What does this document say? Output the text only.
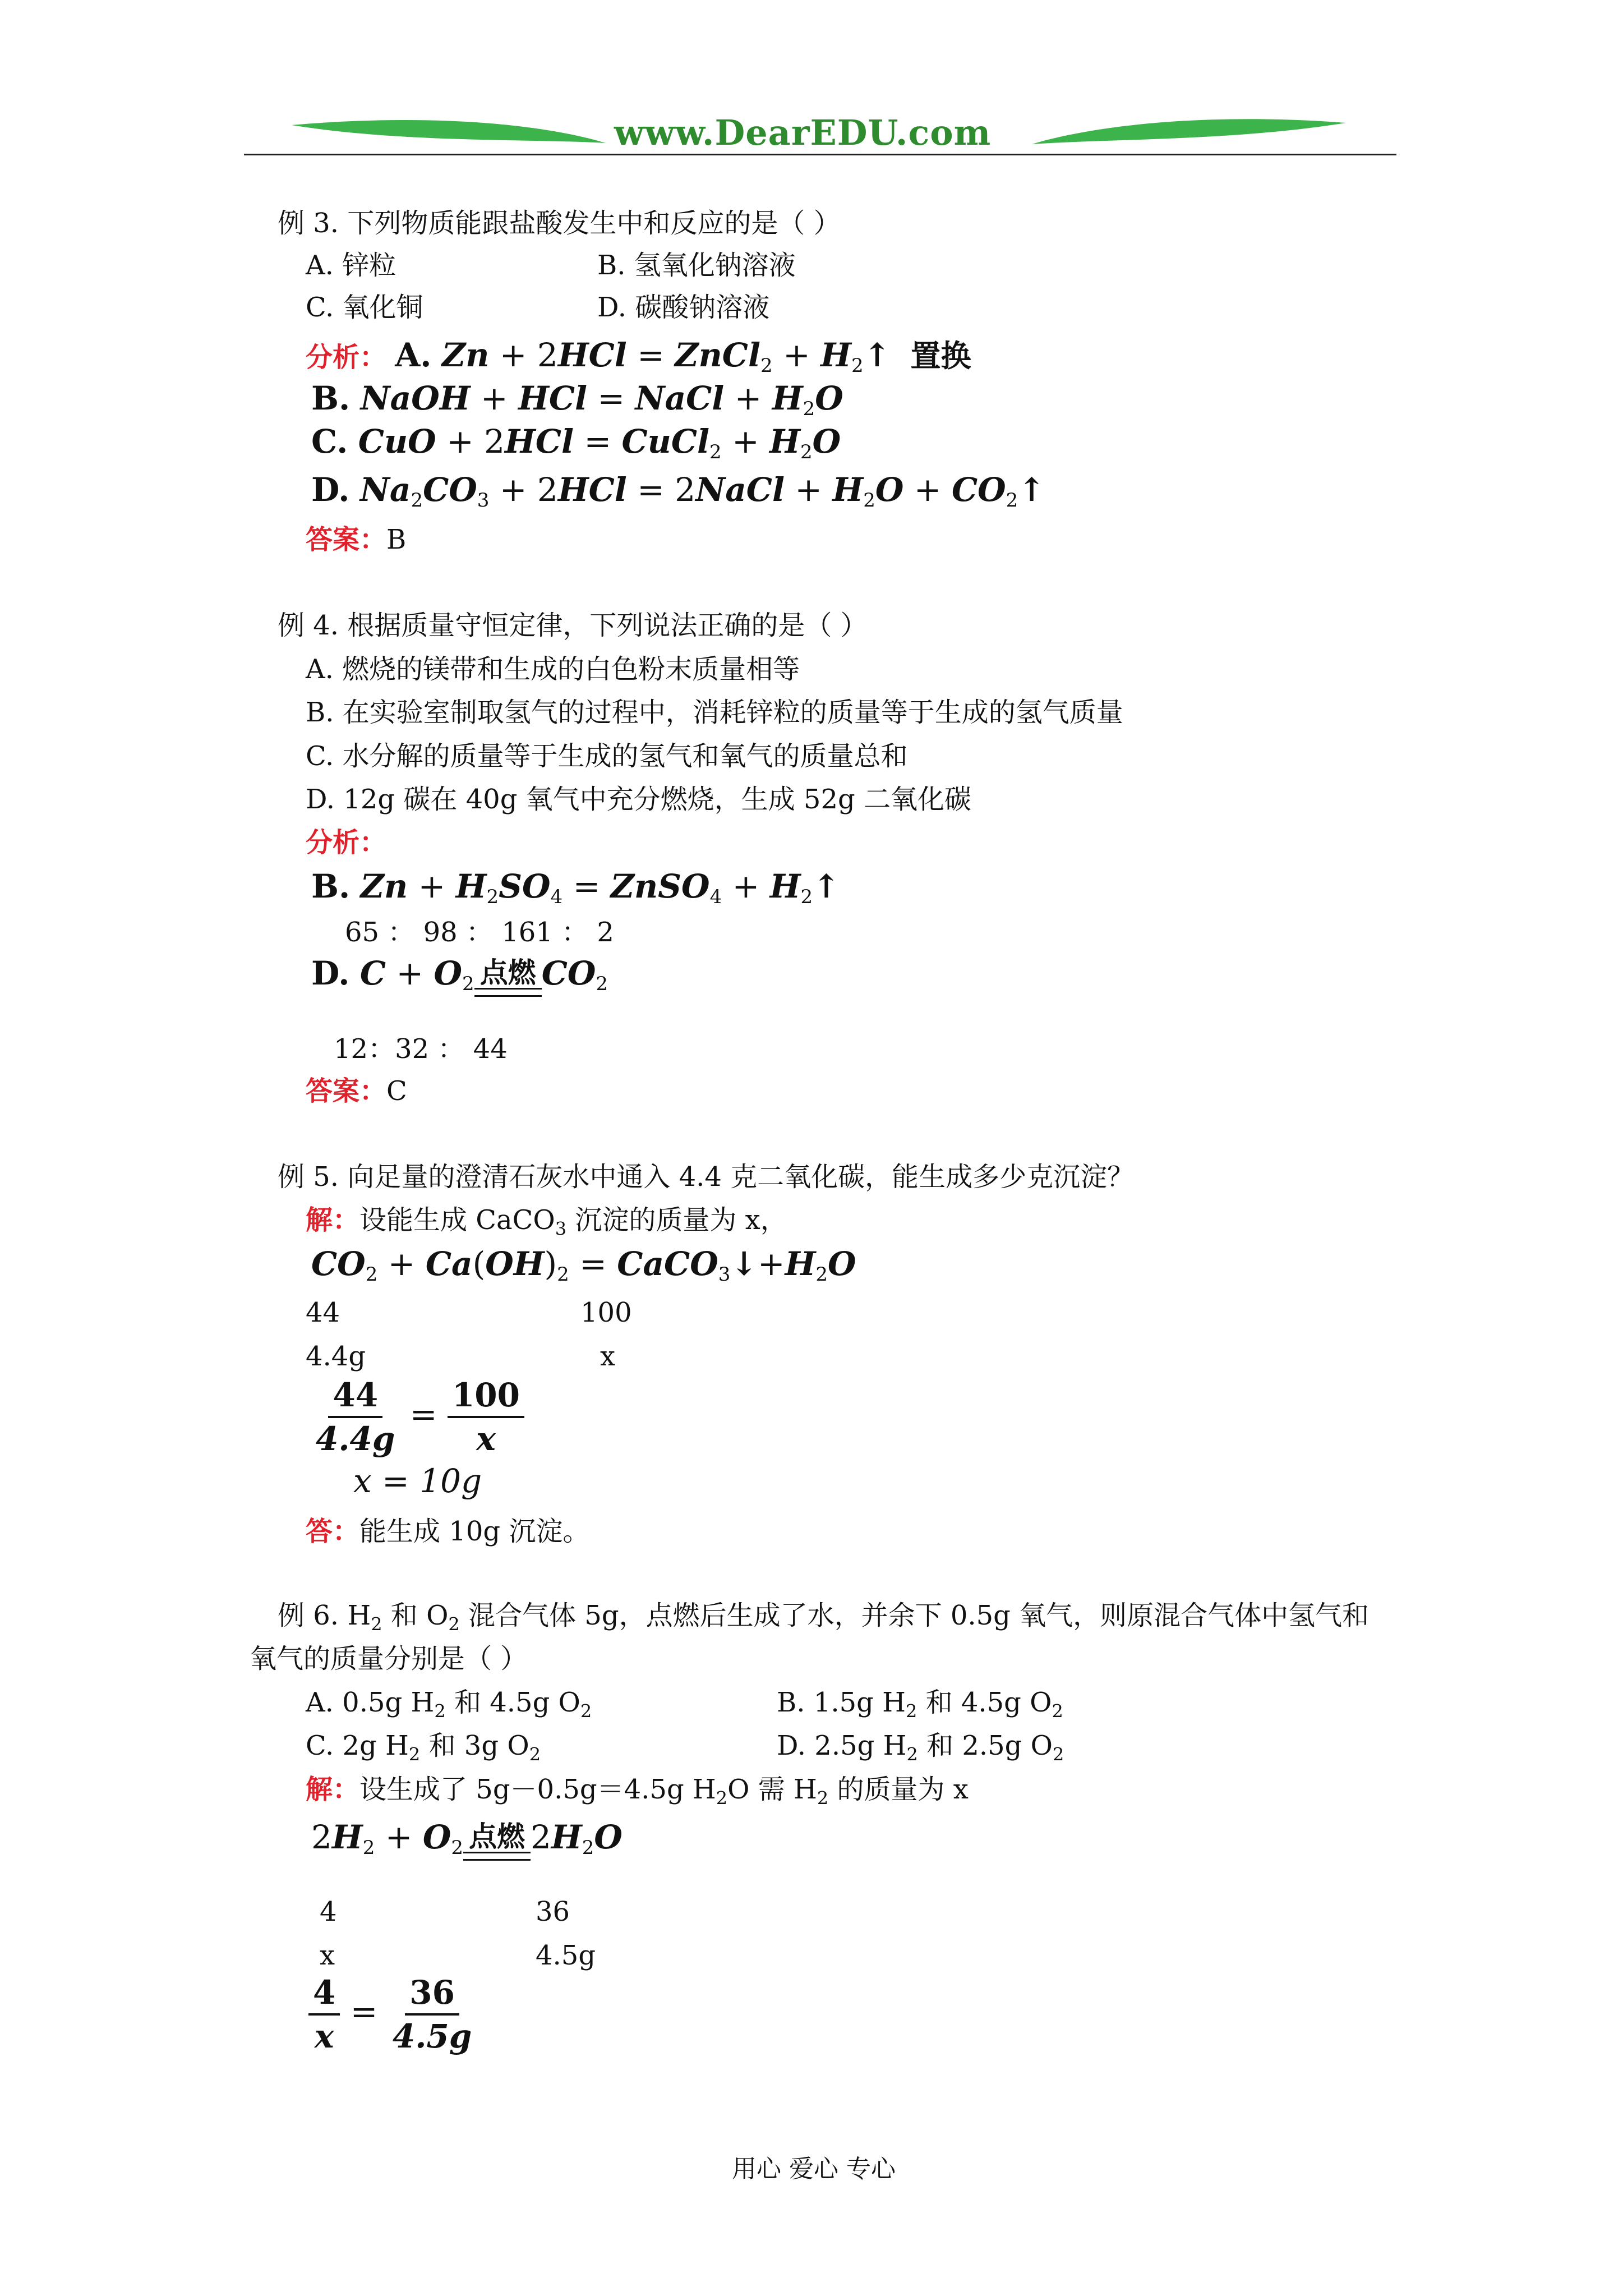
www.DearEDU.com
例 3. 下列物质能跟盐酸发生中和反应的是（ ）
A. 锌粒	B. 氢氧化钠溶液
C. 氧化铜	D. 碳酸钠溶液
分析： A. Zn + 2HCl = ZnCl$_2$ + $H_2↑$ 置换
B. NaOH + HCl = NaCl + $H_2O$
C. CuO + 2HCl = CuCl$_2$ + $H_2O$
D. $Na_2CO_3 + 2HCl$ = 2NaCl + $H_2O$ + $CO_2↑$
答案：B
例 4. 根据质量守恒定律，下列说法正确的是（ ）
A. 燃烧的镁带和生成的白色粉末质量相等
B. 在实验室制取氢气的过程中，消耗锌粒的质量等于生成的氢气质量
C. 水分解的质量等于生成的氢气和氧气的质量总和
D. 12g 碳在 40g 氧气中充分燃烧，生成 52g 二氧化碳
分析：
B. $Zn + H_2SO_4$ = ZnSO$_4$ + $H_2↑$
65 ： 98 ： 161 ： 2
D. $C + O_2$ 点燃 $CO_2$
12：32 ： 44
答案：C
例 5. 向足量的澄清石灰水中通入 4.4 克二氧化碳，能生成多少克沉淀？
解：设能生成 CaCO$_3$ 沉淀的质量为 x，
$CO_2 + Ca(OH)_2$ = $CaCO_3↓+H_2O$
44	100
4.4g	x
$\frac{44}{4.4g} = \frac{100}{x}$
x = 10g
答：能生成 10g 沉淀。
例 6. $H_2$ 和 $O_2$ 混合气体 5g，点燃后生成了水，并余下 0.5g 氧气，则原混合气体中氢气和
氧气的质量分别是（ ）
A. 0.5g $H_2$ 和 4.5g $O_2$	B. 1.5g $H_2$ 和 4.5g $O_2$
C. 2g $H_2$ 和 3g $O_2$	D. 2.5g $H_2$ 和 2.5g $O_2$
解：设生成了 5g－0.5g＝4.5g $H_2O$ 需 $H_2$ 的质量为 x
$2H_2 + O_2$ 点燃 $2H_2O$
4	36
x	4.5g
$\frac{4}{x} = \frac{36}{4.5g}$
用心 爱心 专心
